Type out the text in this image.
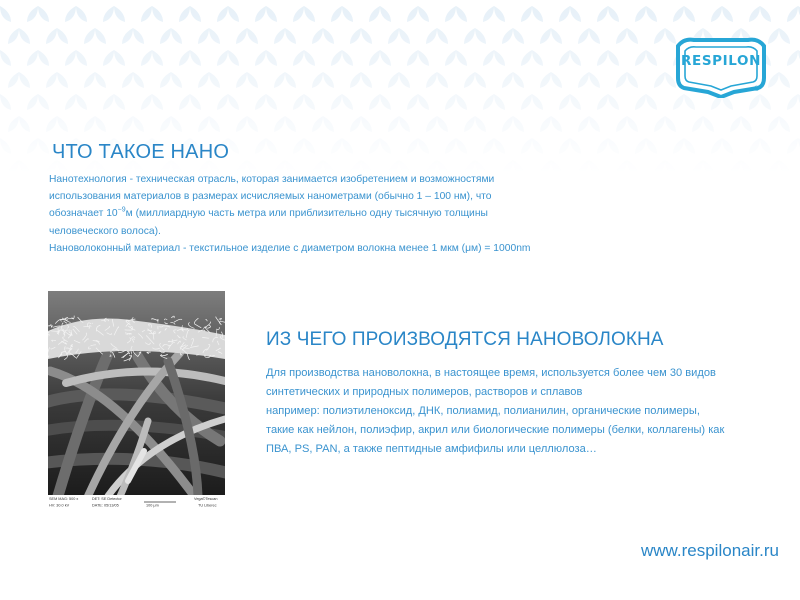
RESPILON
®
ЧТО ТАКОЕ НАНО

Нанотехнология - техническая отрасль, которая занимается изобретением и возможностями

использования материалов в размерах исчисляемых нанометрами (обычно 1 – 100 нм), что

обозначает $10^{-9}м$ (миллиардную часть метра или приблизительно одну тысячную толщины

человеческого волоса).

Нановолоконный материал - текстильное изделие с диаметром волокна менее 1 мкм (μм) = 1000nm

SEM MAG: 500 x	DET: SE Detector	Vega©Tescan
HV: 30.0 kV	DATE: 05/13/05	100 μm	TU Liberec
ИЗ ЧЕГО ПРОИЗВОДЯТСЯ НАНОВОЛОКНА

Для производства нановолокна, в настоящее время, используется более чем 30 видов

синтетических и природных полимеров, растворов и сплавов

например: полиэтиленоксид, ДНК, полиамид, полианилин, органические полимеры,

такие как нейлон, полиэфир, акрил или биологические полимеры (белки, коллагены) как

ПВА, PS, PAN, а также пептидные амфифилы или целлюлоза…

www.respilonair.ru
